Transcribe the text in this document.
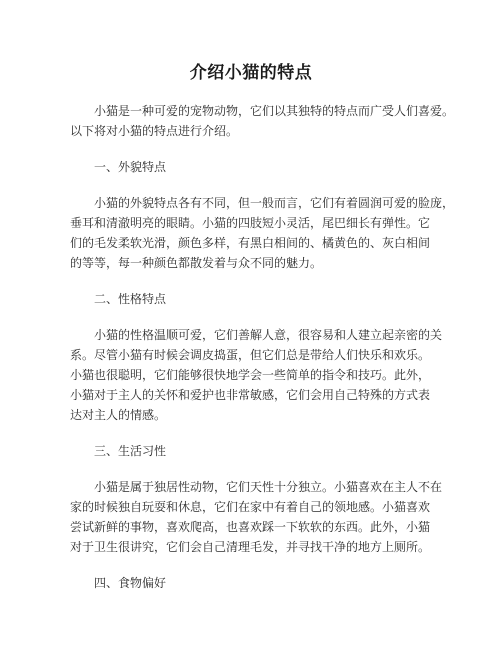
介绍小猫的特点

小猫是一种可爱的宠物动物，它们以其独特的特点而广受人们喜爱。
以下将对小猫的特点进行介绍。

一、外貌特点

小猫的外貌特点各有不同，但一般而言，它们有着圆润可爱的脸庞，
垂耳和清澈明亮的眼睛。小猫的四肢短小灵活，尾巴细长有弹性。它
们的毛发柔软光滑，颜色多样，有黑白相间的、橘黄色的、灰白相间
的等等，每一种颜色都散发着与众不同的魅力。

二、性格特点

小猫的性格温顺可爱，它们善解人意，很容易和人建立起亲密的关
系。尽管小猫有时候会调皮捣蛋，但它们总是带给人们快乐和欢乐。
小猫也很聪明，它们能够很快地学会一些简单的指令和技巧。此外，
小猫对于主人的关怀和爱护也非常敏感，它们会用自己特殊的方式表
达对主人的情感。

三、生活习性

小猫是属于独居性动物，它们天性十分独立。小猫喜欢在主人不在
家的时候独自玩耍和休息，它们在家中有着自己的领地感。小猫喜欢
尝试新鲜的事物，喜欢爬高，也喜欢踩一下软软的东西。此外，小猫
对于卫生很讲究，它们会自己清理毛发，并寻找干净的地方上厕所。

四、食物偏好
